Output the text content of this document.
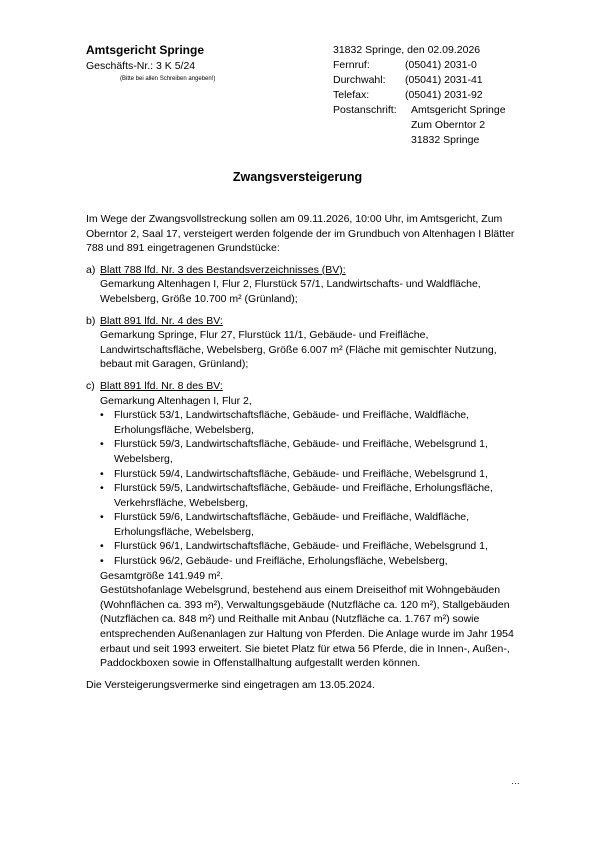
Amtsgericht Springe
Geschäfts-Nr.: 3 K 5/24
(Bitte bei allen Schreiben angeben!)
31832 Springe, den 02.09.2026
Fernruf:	(05041) 2031-0
Durchwahl:	(05041) 2031-41
Telefax:	(05041) 2031-92
Postanschrift:	Amtsgericht Springe
Zum Oberntor 2
31832 Springe
Zwangsversteigerung

Im Wege der Zwangsvollstreckung sollen am 09.11.2026, 10:00 Uhr, im Amtsgericht, Zum Oberntor 2, Saal 17, versteigert werden folgende der im Grundbuch von Altenhagen I Blätter 788 und 891 eingetragenen Grundstücke:

a) Blatt 788 lfd. Nr. 3 des Bestandsverzeichnisses (BV):
Gemarkung Altenhagen I, Flur 2, Flurstück 57/1, Landwirtschafts- und Waldfläche, Webelsberg, Größe 10.700 m² (Grünland);
b) Blatt 891 lfd. Nr. 4 des BV:
Gemarkung Springe, Flur 27, Flurstück 11/1, Gebäude- und Freifläche, Landwirtschaftsfläche, Webelsberg, Größe 6.007 m² (Fläche mit gemischter Nutzung, bebaut mit Garagen, Grünland);
c) Blatt 891 lfd. Nr. 8 des BV:
Gemarkung Altenhagen I, Flur 2,
• Flurstück 53/1, Landwirtschaftsfläche, Gebäude- und Freifläche, Waldfläche, Erholungsfläche, Webelsberg,
• Flurstück 59/3, Landwirtschaftsfläche, Gebäude- und Freifläche, Webelsgrund 1, Webelsberg,
• Flurstück 59/4, Landwirtschaftsfläche, Gebäude- und Freifläche, Webelsgrund 1,
• Flurstück 59/5, Landwirtschaftsfläche, Gebäude- und Freifläche, Erholungsfläche, Verkehrsfläche, Webelsberg,
• Flurstück 59/6, Landwirtschaftsfläche, Gebäude- und Freifläche, Waldfläche, Erholungsfläche, Webelsberg,
• Flurstück 96/1, Landwirtschaftsfläche, Gebäude- und Freifläche, Webelsgrund 1,
• Flurstück 96/2, Gebäude- und Freifläche, Erholungsfläche, Webelsberg,
Gesamtgröße 141.949 m².
Gestütshofanlage Webelsgrund, bestehend aus einem Dreiseithof mit Wohngebäuden (Wohnflächen ca. 393 m²), Verwaltungsgebäude (Nutzfläche ca. 120 m²), Stallgebäuden (Nutzflächen ca. 848 m²) und Reithalle mit Anbau (Nutzfläche ca. 1.767 m²) sowie entsprechenden Außenanlagen zur Haltung von Pferden. Die Anlage wurde im Jahr 1954 erbaut und seit 1993 erweitert. Sie bietet Platz für etwa 56 Pferde, die in Innen-, Außen-, Paddockboxen sowie in Offenstallhaltung aufgestallt werden können.

Die Versteigerungsvermerke sind eingetragen am 13.05.2024.

…
